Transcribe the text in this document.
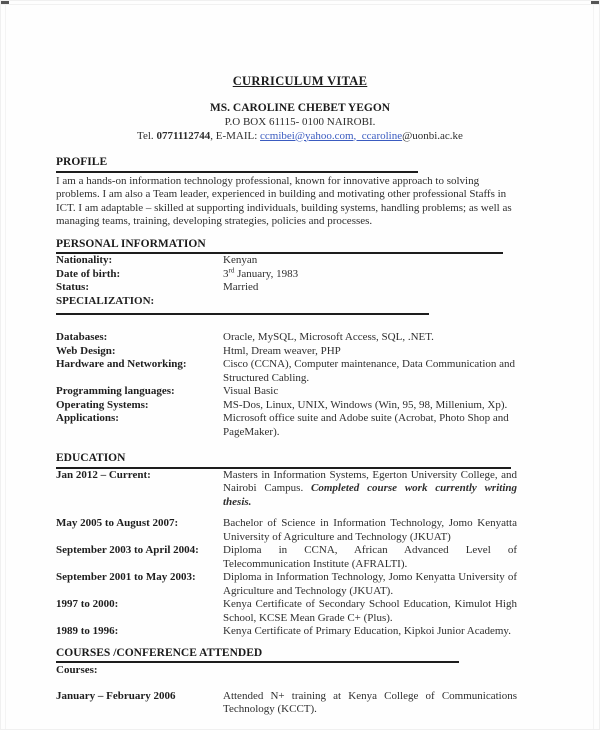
CURRICULUM VITAE
MS. CAROLINE CHEBET YEGON
P.O BOX 61115- 0100 NAIROBI.
Tel. 0771112744, E-MAIL: ccmibei@yahoo.com,  ccaroline@uonbi.ac.ke
PROFILE
I am a hands-on information technology professional, known for innovative approach to solving problems. I am also a Team leader, experienced in building and motivating other professional Staffs in ICT. I am adaptable – skilled at supporting individuals, building systems, handling problems; as well as managing teams, training, developing strategies, policies and processes.
PERSONAL INFORMATION
Nationality:	Kenyan
Date of birth:	3rd January, 1983
Status:	Married
SPECIALIZATION:
Databases:	Oracle, MySQL, Microsoft Access, SQL, .NET.
Web Design:	Html, Dream weaver, PHP
Hardware and Networking:	Cisco (CCNA), Computer maintenance, Data Communication and Structured Cabling.
Programming languages:	Visual Basic
Operating Systems:	MS-Dos, Linux, UNIX, Windows (Win, 95, 98, Millenium, Xp).
Applications:	Microsoft office suite and Adobe suite (Acrobat, Photo Shop and PageMaker).
EDUCATION
Jan 2012 – Current:	Masters in Information Systems, Egerton University College, and Nairobi Campus. Completed course work currently writing thesis.
May 2005 to August 2007:	Bachelor of Science in Information Technology, Jomo Kenyatta University of Agriculture and Technology (JKUAT)
September 2003 to April 2004:	Diploma in CCNA, African Advanced Level of Telecommunication Institute (AFRALTI).
September 2001 to May 2003:	Diploma in Information Technology, Jomo Kenyatta University of Agriculture and Technology (JKUAT).
1997 to 2000:	Kenya Certificate of Secondary School Education, Kimulot High School, KCSE Mean Grade C+ (Plus).
1989 to 1996:	Kenya Certificate of Primary Education, Kipkoi Junior Academy.
COURSES /CONFERENCE ATTENDED
Courses:
January – February 2006	Attended N+ training at Kenya College of Communications Technology (KCCT).
